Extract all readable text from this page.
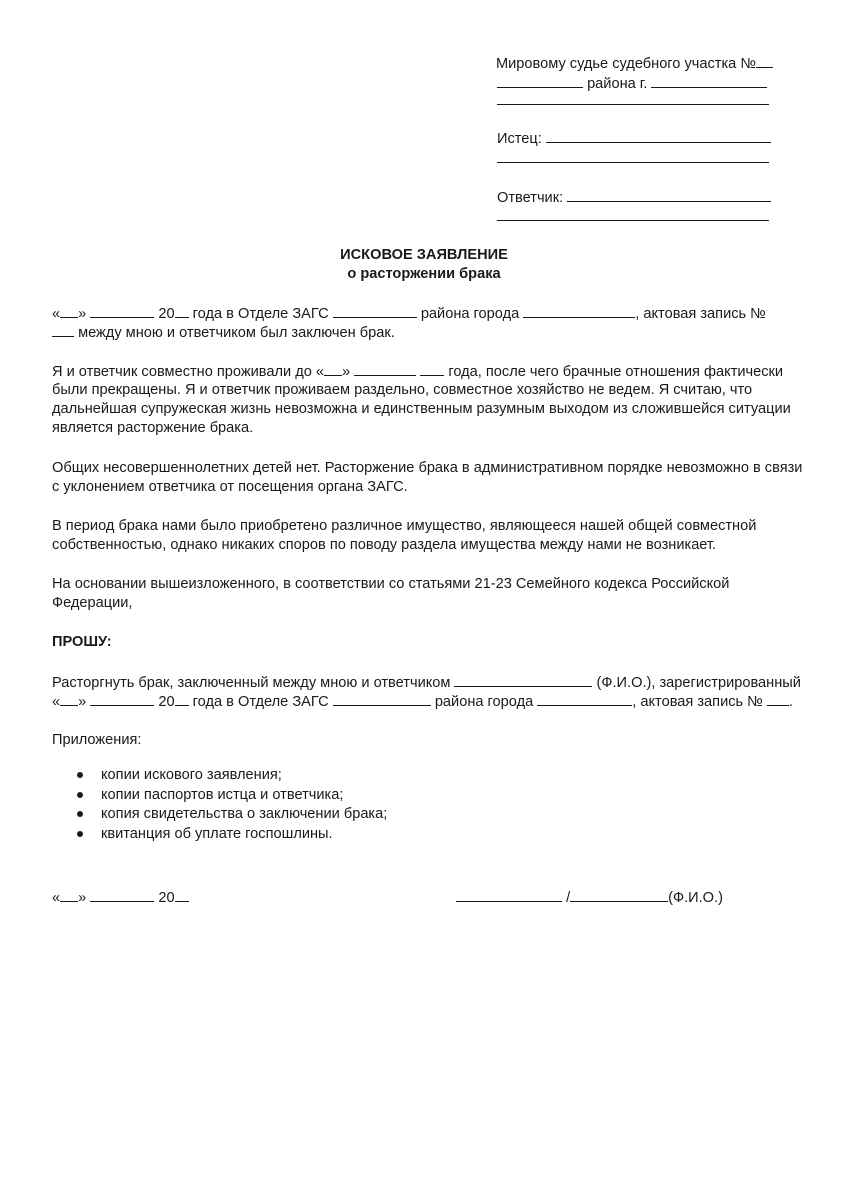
Мировому судье судебного участка №
района г.
Истец:
Ответчик:
ИСКОВОЕ ЗАЯВЛЕНИЕ
о расторжении брака
« »	20 года в Отделе ЗАГС	района города	, актовая запись №
между мною и ответчиком был заключен брак.
Я и ответчик совместно проживали до « »	года, после чего брачные отношения фактически
были прекращены. Я и ответчик проживаем раздельно, совместное хозяйство не ведем. Я считаю, что
дальнейшая супружеская жизнь невозможна и единственным разумным выходом из сложившейся ситуации
является расторжение брака.
Общих несовершеннолетних детей нет. Расторжение брака в административном порядке невозможно в связи
с уклонением ответчика от посещения органа ЗАГС.
В период брака нами было приобретено различное имущество, являющееся нашей общей совместной
собственностью, однако никаких споров по поводу раздела имущества между нами не возникает.
На основании вышеизложенного, в соответствии со статьями 21-23 Семейного кодекса Российской
Федерации,
ПРОШУ:
Расторгнуть брак, заключенный между мною и ответчиком	(Ф.И.О.), зарегистрированный
« »	20 года в Отделе ЗАГС	района города	, актовая запись № .
Приложения:
копии искового заявления;
копии паспортов истца и ответчика;
копия свидетельства о заключении брака;
квитанция об уплате госпошлины.
« »	20	/	(Ф.И.О.)
